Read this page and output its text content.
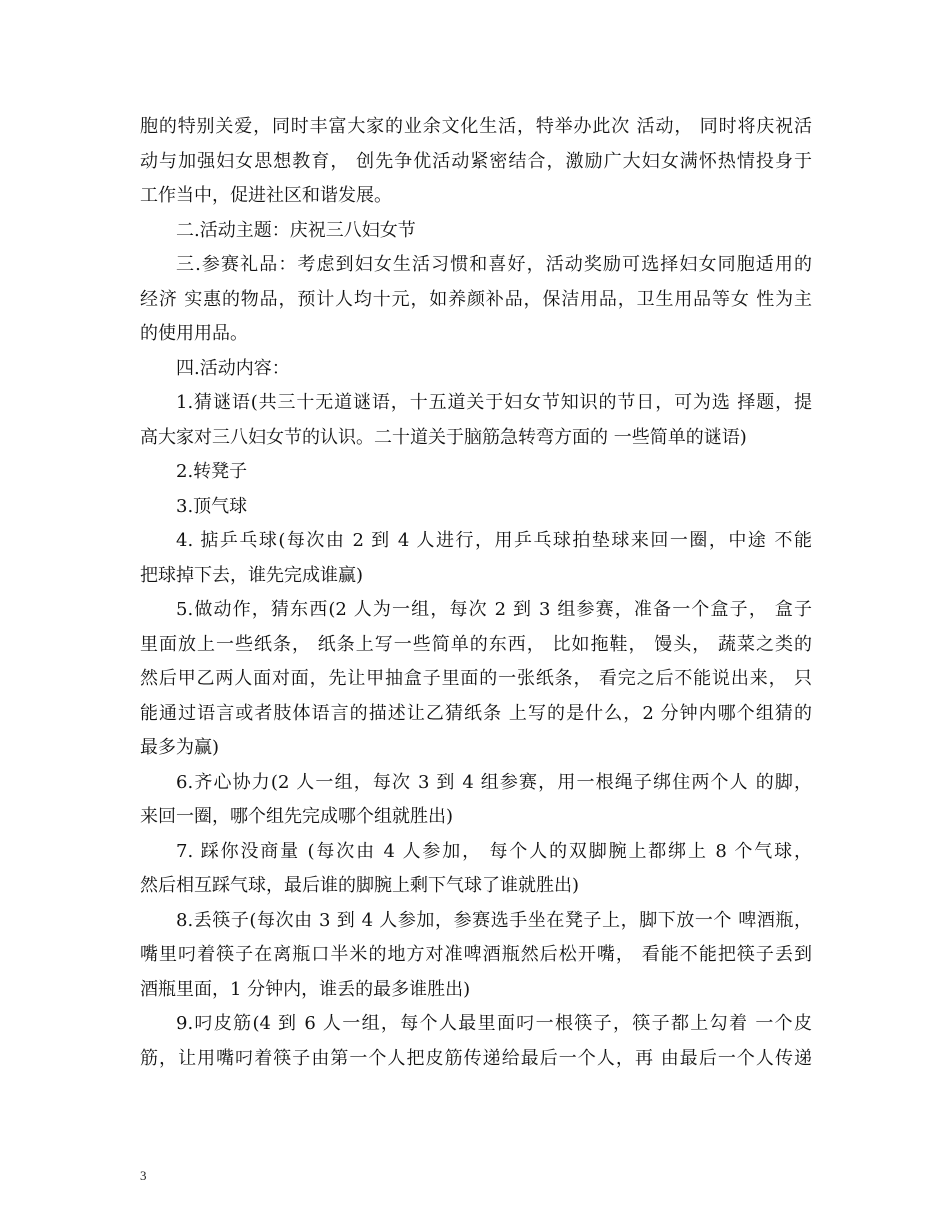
胞的特别关爱，同时丰富大家的业余文化生活，特举办此次 活动， 同时将庆祝活
动与加强妇女思想教育， 创先争优活动紧密结合，激励广大妇女满怀热情投身于
工作当中，促进社区和谐发展。
二.活动主题：庆祝三八妇女节
三.参赛礼品：考虑到妇女生活习惯和喜好，活动奖励可选择妇女同胞适用的
经济 实惠的物品，预计人均十元，如养颜补品，保洁用品，卫生用品等女 性为主
的使用用品。
四.活动内容：
1.猜谜语(共三十无道谜语，十五道关于妇女节知识的节日，可为选 择题，提
高大家对三八妇女节的认识。二十道关于脑筋急转弯方面的 一些简单的谜语)
2.转凳子
3.顶气球
4. 掂乒乓球(每次由 2 到 4 人进行，用乒乓球拍垫球来回一圈，中途 不能
把球掉下去，谁先完成谁赢)
5.做动作，猜东西(2 人为一组，每次 2 到 3 组参赛，准备一个盒子， 盒子
里面放上一些纸条， 纸条上写一些简单的东西， 比如拖鞋， 馒头， 蔬菜之类的
然后甲乙两人面对面，先让甲抽盒子里面的一张纸条， 看完之后不能说出来， 只
能通过语言或者肢体语言的描述让乙猜纸条 上写的是什么，2 分钟内哪个组猜的
最多为赢)
6.齐心协力(2 人一组，每次 3 到 4 组参赛，用一根绳子绑住两个人 的脚，
来回一圈，哪个组先完成哪个组就胜出)
7. 踩你没商量 (每次由 4 人参加， 每个人的双脚腕上都绑上 8 个气球，
然后相互踩气球，最后谁的脚腕上剩下气球了谁就胜出)
8.丢筷子(每次由 3 到 4 人参加，参赛选手坐在凳子上，脚下放一个 啤酒瓶，
嘴里叼着筷子在离瓶口半米的地方对准啤酒瓶然后松开嘴， 看能不能把筷子丢到
酒瓶里面，1 分钟内，谁丢的最多谁胜出)
9.叼皮筋(4 到 6 人一组，每个人最里面叼一根筷子，筷子都上勾着 一个皮
筋，让用嘴叼着筷子由第一个人把皮筋传递给最后一个人，再 由最后一个人传递
3
